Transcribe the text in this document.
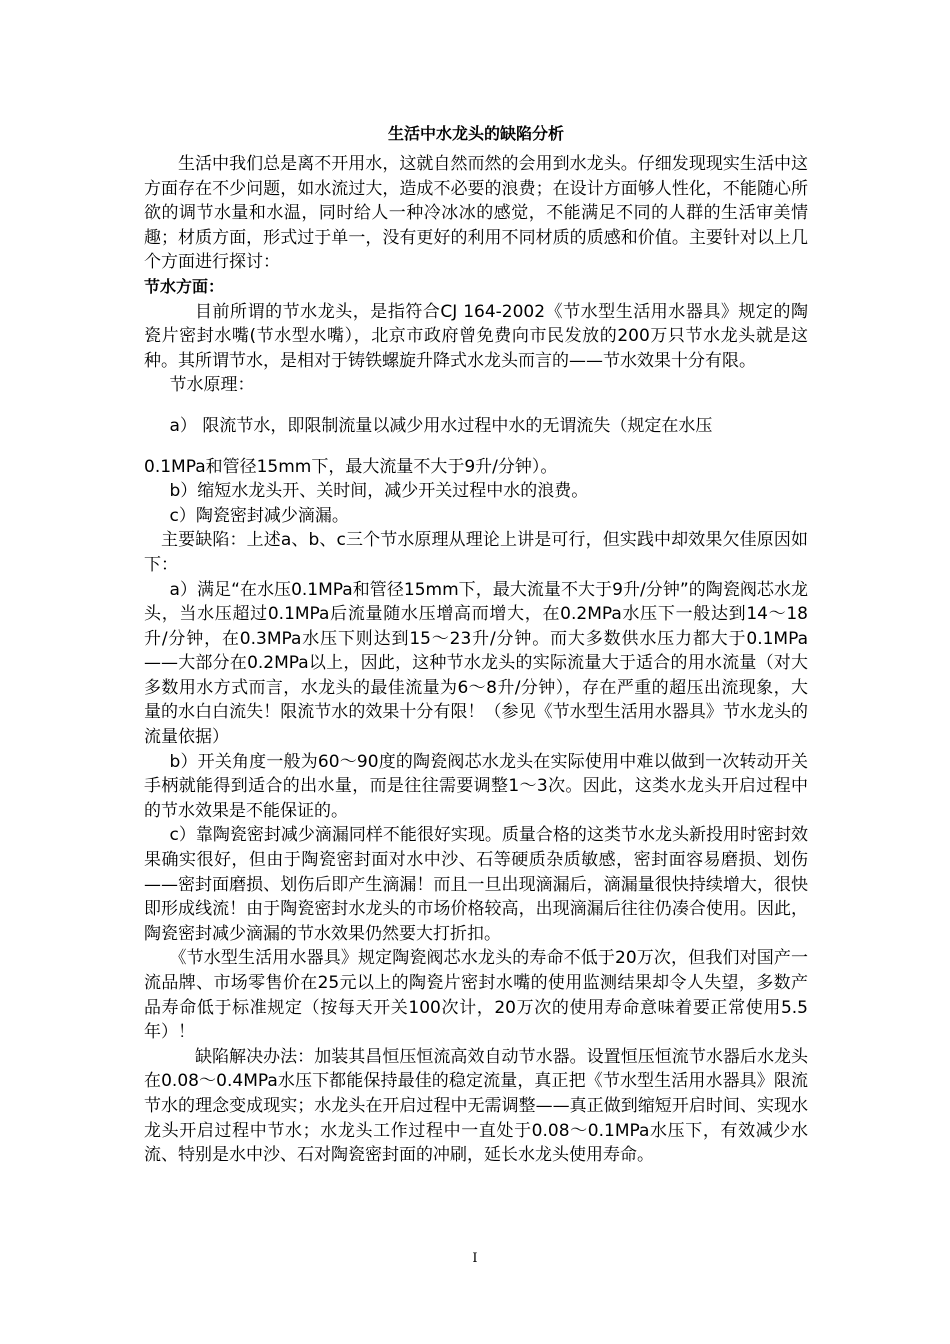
生活中水龙头的缺陷分析

生活中我们总是离不开用水，这就自然而然的会用到水龙头。仔细发现现实生活中这方面存在不少问题，如水流过大，造成不必要的浪费；在设计方面够人性化，不能随心所欲的调节水量和水温，同时给人一种冷冰冰的感觉，不能满足不同的人群的生活审美情趣；材质方面，形式过于单一，没有更好的利用不同材质的质感和价值。主要针对以上几个方面进行探讨：

节水方面：

目前所谓的节水龙头，是指符合CJ 164-2002《节水型生活用水器具》规定的陶瓷片密封水嘴(节水型水嘴），北京市政府曾免费向市民发放的200万只节水龙头就是这种。其所谓节水，是相对于铸铁螺旋升降式水龙头而言的——节水效果十分有限。

节水原理：

a） 限流节水，即限制流量以减少用水过程中水的无谓流失（规定在水压

0.1MPa和管径15mm下，最大流量不大于9升/分钟）。

b）缩短水龙头开、关时间，减少开关过程中水的浪费。

c）陶瓷密封减少滴漏。

主要缺陷：上述a、b、c三个节水原理从理论上讲是可行，但实践中却效果欠佳原因如下：

a）满足“在水压0.1MPa和管径15mm下，最大流量不大于9升/分钟”的陶瓷阀芯水龙头，当水压超过0.1MPa后流量随水压增高而增大，在0.2MPa水压下一般达到14～18升/分钟，在0.3MPa水压下则达到15～23升/分钟。而大多数供水压力都大于0.1MPa——大部分在0.2MPa以上，因此，这种节水龙头的实际流量大于适合的用水流量（对大多数用水方式而言，水龙头的最佳流量为6～8升/分钟），存在严重的超压出流现象，大量的水白白流失！限流节水的效果十分有限！（参见《节水型生活用水器具》节水龙头的流量依据）

b）开关角度一般为60～90度的陶瓷阀芯水龙头在实际使用中难以做到一次转动开关手柄就能得到适合的出水量，而是往往需要调整1～3次。因此，这类水龙头开启过程中的节水效果是不能保证的。

c）靠陶瓷密封减少滴漏同样不能很好实现。质量合格的这类节水龙头新投用时密封效果确实很好，但由于陶瓷密封面对水中沙、石等硬质杂质敏感，密封面容易磨损、划伤——密封面磨损、划伤后即产生滴漏！而且一旦出现滴漏后，滴漏量很快持续增大，很快即形成线流！由于陶瓷密封水龙头的市场价格较高，出现滴漏后往往仍凑合使用。因此，陶瓷密封减少滴漏的节水效果仍然要大打折扣。

《节水型生活用水器具》规定陶瓷阀芯水龙头的寿命不低于20万次，但我们对国产一流品牌、市场零售价在25元以上的陶瓷片密封水嘴的使用监测结果却令人失望，多数产品寿命低于标准规定（按每天开关100次计，20万次的使用寿命意味着要正常使用5.5年）！

缺陷解决办法：加装其昌恒压恒流高效自动节水器。设置恒压恒流节水器后水龙头在0.08～0.4MPa水压下都能保持最佳的稳定流量，真正把《节水型生活用水器具》限流节水的理念变成现实；水龙头在开启过程中无需调整——真正做到缩短开启时间、实现水龙头开启过程中节水；水龙头工作过程中一直处于0.08～0.1MPa水压下，有效减少水流、特别是水中沙、石对陶瓷密封面的冲刷，延长水龙头使用寿命。

I
